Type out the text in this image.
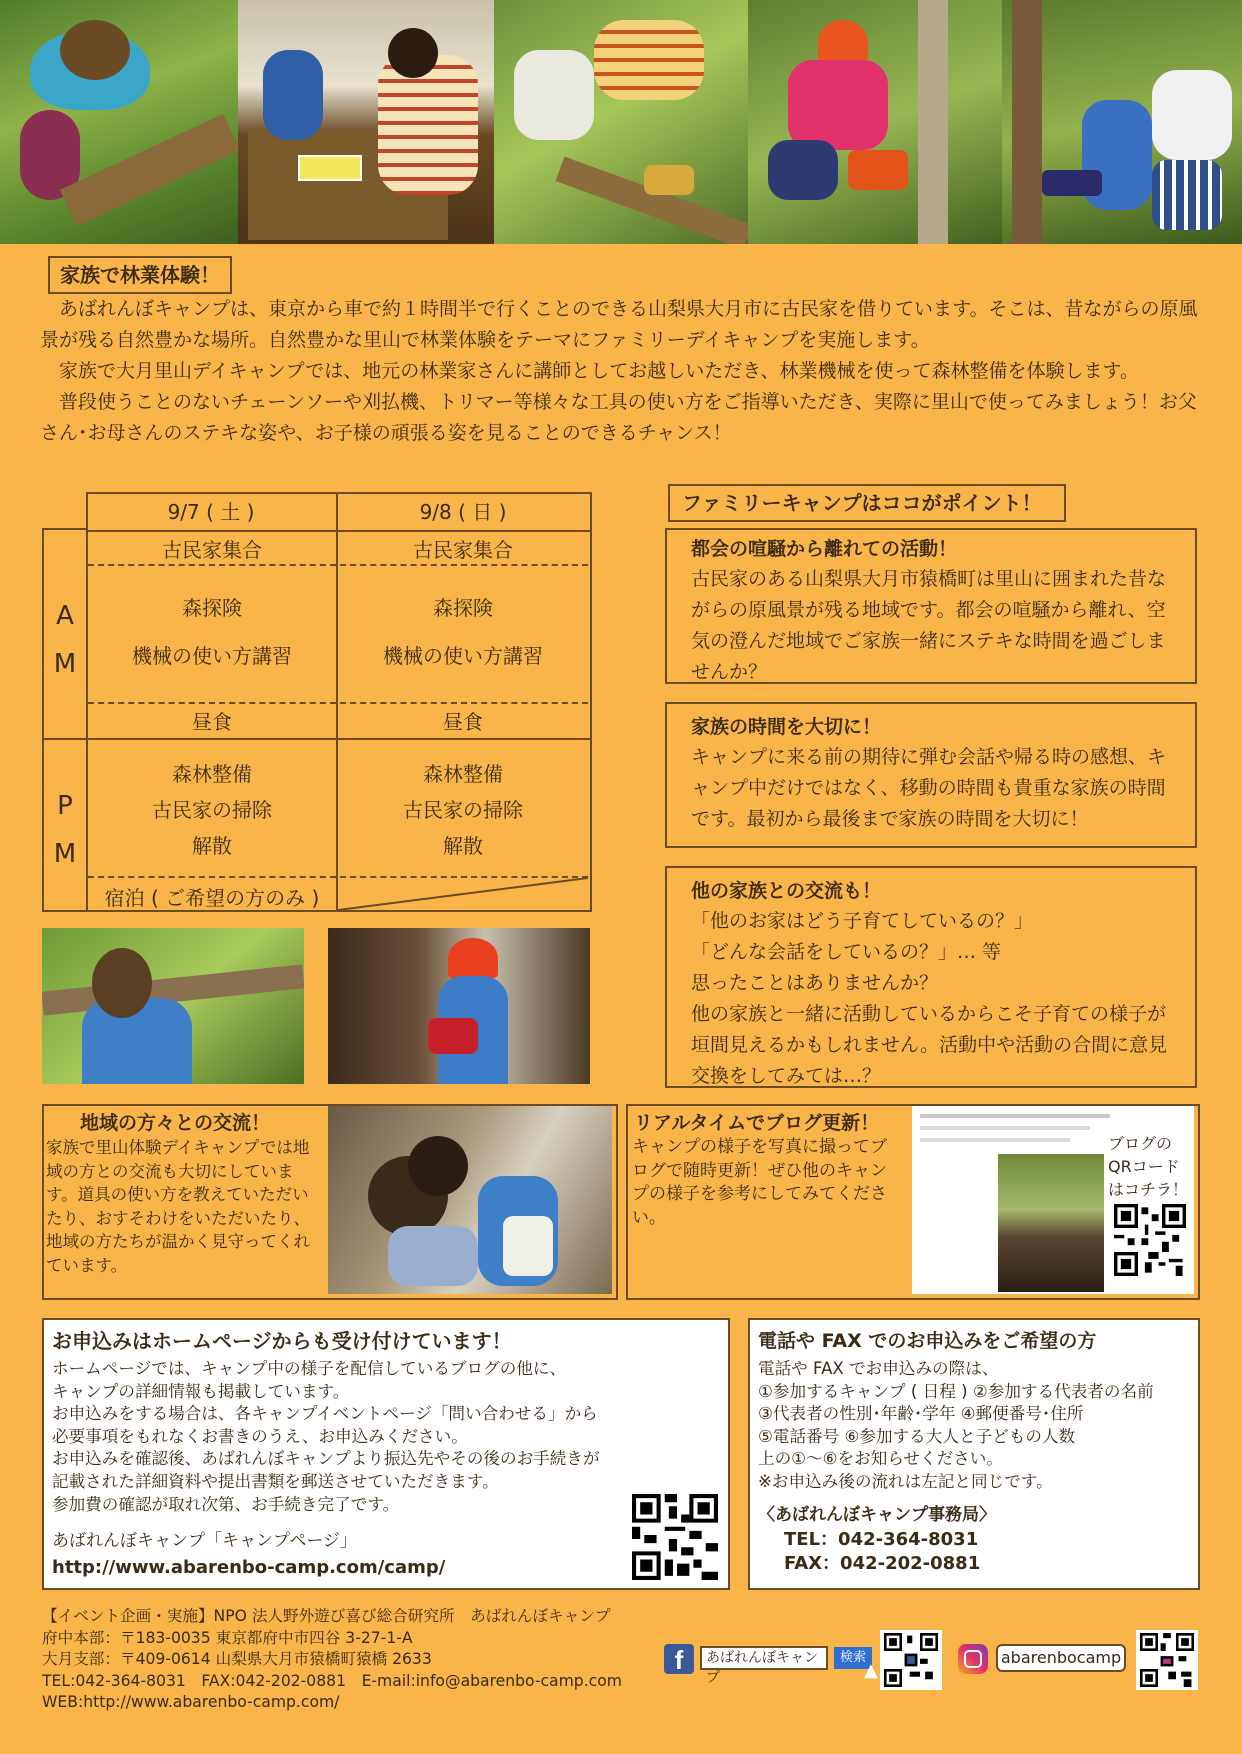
家族で林業体験！
　あばれんぼキャンプは、東京から車で約１時間半で行くことのできる山梨県大月市に古民家を借りています。そこは、昔ながらの原風景が残る自然豊かな場所。自然豊かな里山で林業体験をテーマにファミリーデイキャンプを実施します。
　家族で大月里山デイキャンプでは、地元の林業家さんに講師としてお越しいただき、林業機械を使って森林整備を体験します。
　普段使うことのないチェーンソーや刈払機、トリマー等様々な工具の使い方をご指導いただき、実際に里山で使ってみましょう！お父さん･お母さんのステキな姿や、お子様の頑張る姿を見ることのできるチャンス！
9/7 ( 土 )	9/8 ( 日 )
A
M
P
M
古民家集合
森探険
機械の使い方講習
昼食
森林整備
古民家の掃除
解散
宿泊 ( ご希望の方のみ )
古民家集合
森探険
機械の使い方講習
昼食
森林整備
古民家の掃除
解散
ファミリーキャンプはココがポイント！
都会の喧騒から離れての活動！
古民家のある山梨県大月市猿橋町は里山に囲まれた昔ながらの原風景が残る地域です。都会の喧騒から離れ、空気の澄んだ地域でご家族一緒にステキな時間を過ごしませんか？
家族の時間を大切に！
キャンプに来る前の期待に弾む会話や帰る時の感想、キャンプ中だけではなく、移動の時間も貴重な家族の時間です。最初から最後まで家族の時間を大切に！
他の家族との交流も！
「他のお家はどう子育てしているの？」
「どんな会話をしているの？」… 等
思ったことはありませんか？
他の家族と一緒に活動しているからこそ子育ての様子が垣間見えるかもしれません。活動中や活動の合間に意見交換をしてみては…？
地域の方々との交流！
家族で里山体験デイキャンプでは地域の方との交流も大切にしています。道具の使い方を教えていただいたり、おすそわけをいただいたり、地域の方たちが温かく見守ってくれています。
リアルタイムでブログ更新！
キャンプの様子を写真に撮ってブログで随時更新！ぜひ他のキャンプの様子を参考にしてみてください。
ブログのQRコードはコチラ！
お申込みはホームページからも受け付けています！
ホームページでは、キャンプ中の様子を配信しているブログの他に、
キャンプの詳細情報も掲載しています。
お申込みをする場合は、各キャンプイベントページ「問い合わせる」から
必要事項をもれなくお書きのうえ、お申込みください。
お申込みを確認後、あばれんぼキャンプより振込先やその後のお手続きが
記載された詳細資料や提出書類を郵送させていただきます。
参加費の確認が取れ次第、お手続き完了です。
あばれんぼキャンプ「キャンプページ」
http://www.abarenbo-camp.com/camp/
電話や FAX でのお申込みをご希望の方
電話や FAX でお申込みの際は、
①参加するキャンプ ( 日程 ) ②参加する代表者の名前
③代表者の性別･年齢･学年 ④郵便番号･住所
⑤電話番号 ⑥参加する大人と子どもの人数
上の①～⑥をお知らせください。
※お申込み後の流れは左記と同じです。
〈あばれんぼキャンプ事務局〉
TEL：042-364-8031
FAX：042-202-0881
【イベント企画・実施】NPO 法人野外遊び喜び総合研究所　あばれんぼキャンプ
府中本部：〒183-0035 東京都府中市四谷 3-27-1-A
大月支部：〒409-0614 山梨県大月市猿橋町猿橋 2633
TEL:042-364-8031　FAX:042-202-0881　E-mail:info@abarenbo-camp.com
WEB:http://www.abarenbo-camp.com/
f	あばれんぼキャンプ
検索
▲
abarenbocamp
